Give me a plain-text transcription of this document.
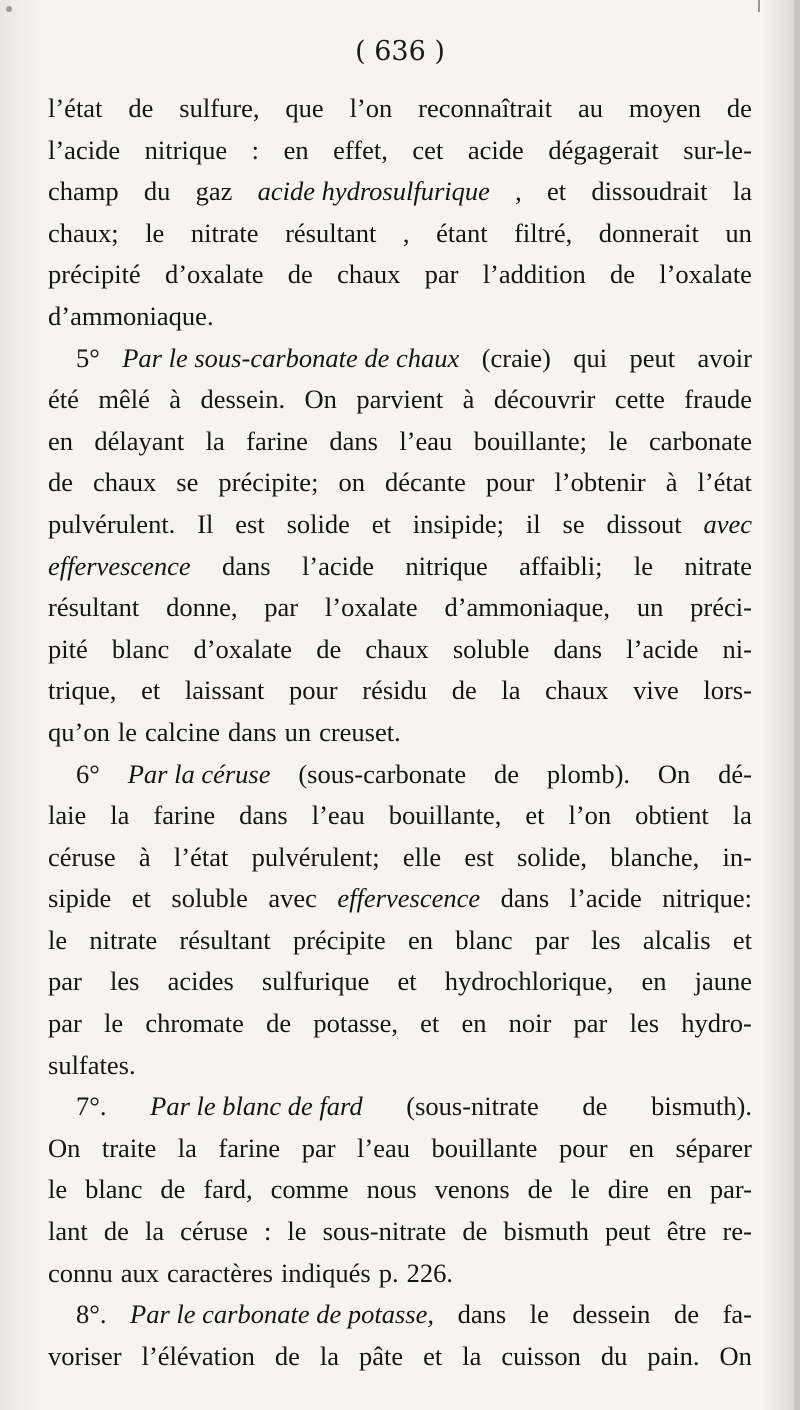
( 636 )
l’état de sulfure, que l’on reconnaîtrait au moyen de
l’acide nitrique : en effet, cet acide dégagerait sur-le-
champ du gaz acide hydrosulfurique , et dissoudrait la
chaux; le nitrate résultant , étant filtré, donnerait un
précipité d’oxalate de chaux par l’addition de l’oxalate
d’ammoniaque.
5° Par le sous-carbonate de chaux (craie) qui peut avoir
été mêlé à dessein. On parvient à découvrir cette fraude
en délayant la farine dans l’eau bouillante; le carbonate
de chaux se précipite; on décante pour l’obtenir à l’état
pulvérulent. Il est solide et insipide; il se dissout avec
effervescence dans l’acide nitrique affaibli; le nitrate
résultant donne, par l’oxalate d’ammoniaque, un préci-
pité blanc d’oxalate de chaux soluble dans l’acide ni-
trique, et laissant pour résidu de la chaux vive lors-
qu’on le calcine dans un creuset.
6° Par la céruse (sous-carbonate de plomb). On dé-
laie la farine dans l’eau bouillante, et l’on obtient la
céruse à l’état pulvérulent; elle est solide, blanche, in-
sipide et soluble avec effervescence dans l’acide nitrique:
le nitrate résultant précipite en blanc par les alcalis et
par les acides sulfurique et hydrochlorique, en jaune
par le chromate de potasse, et en noir par les hydro-
sulfates.
7°. Par le blanc de fard (sous-nitrate de bismuth).
On traite la farine par l’eau bouillante pour en séparer
le blanc de fard, comme nous venons de le dire en par-
lant de la céruse : le sous-nitrate de bismuth peut être re-
connu aux caractères indiqués p. 226.
8°. Par le carbonate de potasse, dans le dessein de fa-
voriser l’élévation de la pâte et la cuisson du pain. On
